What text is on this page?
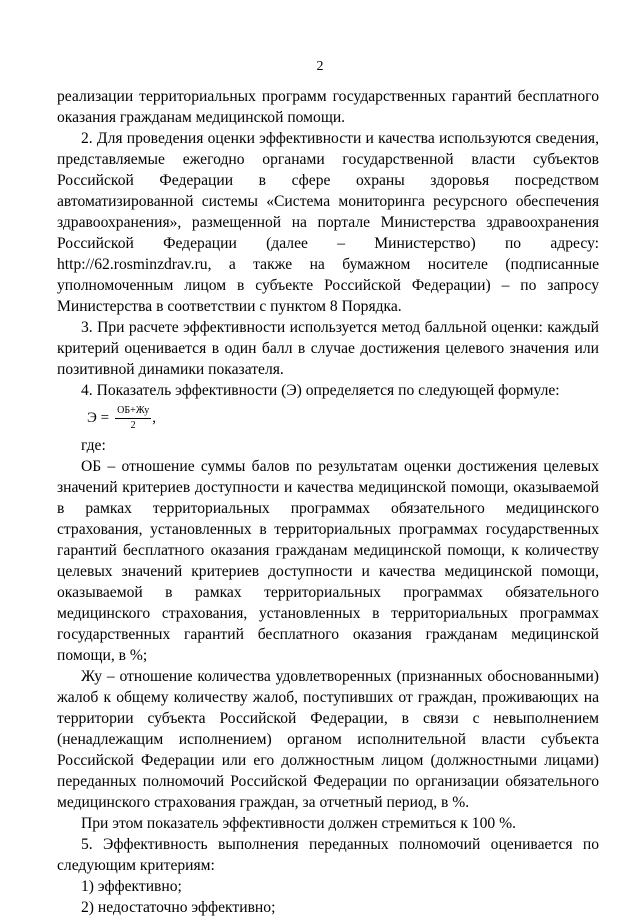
2

реализации территориальных программ государственных гарантий бесплатного оказания гражданам медицинской помощи.

2. Для проведения оценки эффективности и качества используются сведения, представляемые ежегодно органами государственной власти субъектов Российской Федерации в сфере охраны здоровья посредством автоматизированной системы «Система мониторинга ресурсного обеспечения здравоохранения», размещенной на портале Министерства здравоохранения Российской Федерации (далее – Министерство) по адресу: http://62.rosminzdrav.ru, а также на бумажном носителе (подписанные уполномоченным лицом в субъекте Российской Федерации) – по запросу Министерства в соответствии с пунктом 8 Порядка.

3. При расчете эффективности используется метод балльной оценки: каждый критерий оценивается в один балл в случае достижения целевого значения или позитивной динамики показателя.

4. Показатель эффективности (Э) определяется по следующей формуле:

$Э = \frac{ОБ+Жу}{2}$ ,

где:

ОБ – отношение суммы балов по результатам оценки достижения целевых значений критериев доступности и качества медицинской помощи, оказываемой в рамках территориальных программах обязательного медицинского страхования, установленных в территориальных программах государственных гарантий бесплатного оказания гражданам медицинской помощи, к количеству целевых значений критериев доступности и качества медицинской помощи, оказываемой в рамках территориальных программах обязательного медицинского страхования, установленных в территориальных программах государственных гарантий бесплатного оказания гражданам медицинской помощи, в %;

Жу – отношение количества удовлетворенных (признанных обоснованными) жалоб к общему количеству жалоб, поступивших от граждан, проживающих на территории субъекта Российской Федерации, в связи с невыполнением (ненадлежащим исполнением) органом исполнительной власти субъекта Российской Федерации или его должностным лицом (должностными лицами) переданных полномочий Российской Федерации по организации обязательного медицинского страхования граждан, за отчетный период, в %.

При этом показатель эффективности должен стремиться к 100 %.

5. Эффективность выполнения переданных полномочий оценивается по следующим критериям:

1) эффективно;

2) недостаточно эффективно;
